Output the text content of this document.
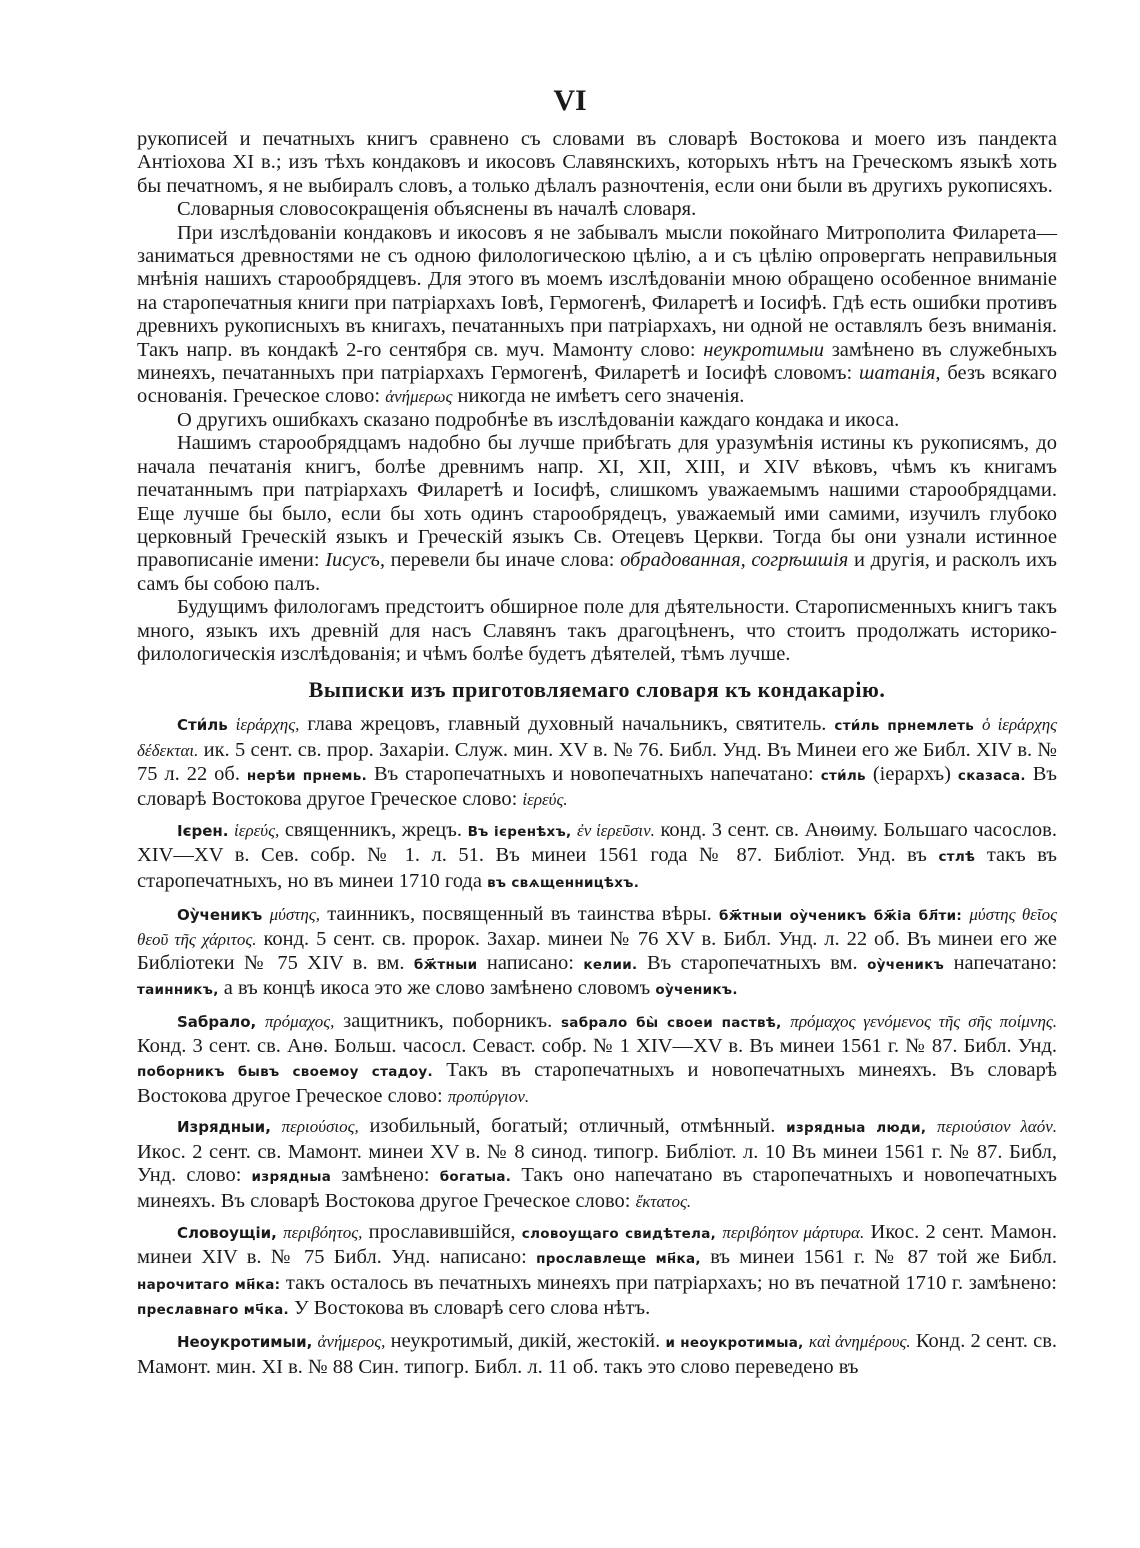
VI

рукописей и печатныхъ книгъ сравнено съ словами въ словарѣ Востокова и моего изъ пандекта Антіохова XI в.; изъ тѣхъ кондаковъ и икосовъ Славянскихъ, которыхъ нѣтъ на Греческомъ языкѣ хоть бы печатномъ, я не выбиралъ словъ, а только дѣлалъ разночтенія, если они были въ другихъ рукописяхъ.

Словарныя словосокращенія объяснены въ началѣ словаря.

При изслѣдованіи кондаковъ и икосовъ я не забывалъ мысли покойнаго Митрополита Филарета— заниматься древностями не съ одною филологическою цѣлію, а и съ цѣлію опровергать неправильныя мнѣнія нашихъ старообрядцевъ. Для этого въ моемъ изслѣдованіи мною обращено особенное вниманіе на старопечатныя книги при патріархахъ Іовѣ, Гермогенѣ, Филаретѣ и Іосифѣ. Гдѣ есть ошибки противъ древнихъ рукописныхъ въ книгахъ, печатанныхъ при патріархахъ, ни одной не оставлялъ безъ вниманія. Такъ напр. въ кондакѣ 2-го сентября св. муч. Мамонту слово: неукротимыи замѣнено въ служебныхъ минеяхъ, печатанныхъ при патріархахъ Гермогенѣ, Филаретѣ и Іосифѣ словомъ: шатанія, безъ всякаго основанія. Греческое слово: ἀνήμερως никогда не имѣетъ сего значенія.

О другихъ ошибкахъ сказано подробнѣе въ изслѣдованіи каждаго кондака и икоса.

Нашимъ старообрядцамъ надобно бы лучше прибѣгать для уразумѣнія истины къ рукописямъ, до начала печатанія книгъ, болѣе древнимъ напр. XI, XII, XIII, и XIV вѣковъ, чѣмъ къ книгамъ печатаннымъ при патріархахъ Филаретѣ и Іосифѣ, слишкомъ уважаемымъ нашими старообрядцами. Еще лучше бы было, если бы хоть одинъ старообрядецъ, уважаемый ими самими, изучилъ глубоко церковный Греческій языкъ и Греческій языкъ Св. Отецевъ Церкви. Тогда бы они узнали истинное правописаніе имени: Іисусъ, перевели бы иначе слова: обрадованная, согрѣшшія и другія, и расколъ ихъ самъ бы собою палъ.

Будущимъ филологамъ предстоитъ обширное поле для дѣятельности. Старописменныхъ книгъ такъ много, языкъ ихъ древній для насъ Славянъ такъ драгоцѣненъ, что стоитъ продолжать историко-филологическія изслѣдованія; и чѣмъ болѣе будетъ дѣятелей, тѣмъ лучше.

Выписки изъ приготовляемаго словаря къ кондакарію.

Сти́ль ἱεράρχης, глава жрецовъ, главный духовный начальникъ, святитель. сти́ль прнемлеть ὁ ἱεράρχης δέδεκται. ик. 5 сент. св. прор. Захаріи. Служ. мин. XV в. № 76. Библ. Унд. Въ Минеи его же Библ. XIV в. № 75 л. 22 об. нерѣи прнемь. Въ старопечатныхъ и новопечатныхъ напечатано: сти́ль (іерархъ) сказаса. Въ словарѣ Востокова другое Греческое слово: ἱερεύς.

Ієрен. ἱερεύς, священникъ, жрецъ. Въ ієренѣхъ, ἐν ἱερεῦσιν. конд. 3 сент. св. Анѳиму. Большаго часослов. XIV—XV в. Сев. собр. № 1. л. 51. Въ минеи 1561 года № 87. Библіот. Унд. въ стлѣ такъ въ старопечатныхъ, но въ минеи 1710 года въ свѧщенницѣхъ.

Оу̀ченикъ μύστης, таинникъ, посвященный въ таинства вѣры. бж҃тныи оу̀ченикъ бж҃іа бл҃ти: μύστης θεῖος θεοῦ τῆς χάριτος. конд. 5 сент. св. пророк. Захар. минеи № 76 XV в. Библ. Унд. л. 22 об. Въ минеи его же Библіотеки № 75 XIV в. вм. бж҃тныи написано: келии. Въ старопечатныхъ вм. оу̀ченикъ напечатано: таинникъ, а въ концѣ икоса это же слово замѣнено словомъ оу̀ченикъ.

Ѕабрало, πρόμαχος, защитникъ, поборникъ. ѕабрало бы̀ своеи паствѣ, πρόμαχος γενόμενος τῆς σῆς ποίμνης. Конд. 3 сент. св. Анѳ. Больш. часосл. Севаст. собр. № 1 XIV—XV в. Въ минеи 1561 г. № 87. Библ. Унд. поборникъ бывъ своемоу стадоу. Такъ въ старопечатныхъ и новопечатныхъ минеяхъ. Въ словарѣ Востокова другое Греческое слово: προπύργιον.

Изрядныи, περιούσιος, изобильный, богатый; отличный, отмѣнный. изрядныа люди, περιούσιον λαόν. Икос. 2 сент. св. Мамонт. минеи XV в. № 8 синод. типогр. Библіот. л. 10 Въ минеи 1561 г. № 87. Библ, Унд. слово: изрядныа замѣнено: богатыа. Такъ оно напечатано въ старопечатныхъ и новопечатныхъ минеяхъ. Въ словарѣ Востокова другое Греческое слово: ἔκτατος.

Словоущіи, περιβόητος, прославившійся, словоущаго свидѣтела, περιβόητον μάρτυρα. Икос. 2 сент. Мамон. минеи XIV в. № 75 Библ. Унд. написано: прославлеще мн҃ка, въ минеи 1561 г. № 87 той же Библ. нарочитаго мн҃ка: такъ осталось въ печатныхъ минеяхъ при патріархахъ; но въ печатной 1710 г. замѣнено: преславнаго мч҃ка. У Востокова въ словарѣ сего слова нѣтъ.

Неоукротимыи, ἀνήμερος, неукротимый, дикій, жестокій. и неоукротимыа, καὶ ἀνημέρους. Конд. 2 сент. св. Мамонт. мин. XI в. № 88 Син. типогр. Библ. л. 11 об. такъ это слово переведено въ
